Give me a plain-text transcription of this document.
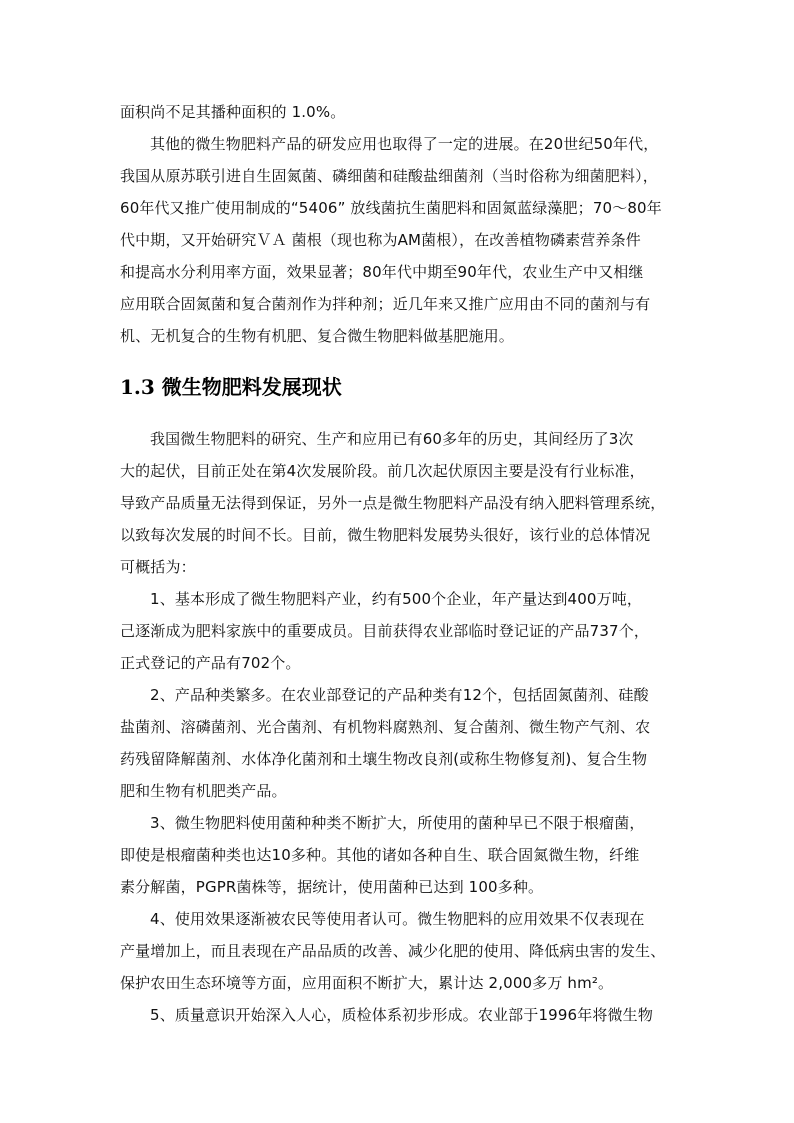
面积尚不足其播种面积的 1.0%。
其他的微生物肥料产品的研发应用也取得了一定的进展。在20世纪50年代，
我国从原苏联引进自生固氮菌、磷细菌和硅酸盐细菌剂（当时俗称为细菌肥料），
60年代又推广使用制成的“5406” 放线菌抗生菌肥料和固氮蓝绿藻肥；70～80年
代中期，又开始研究ＶＡ 菌根（现也称为AM菌根），在改善植物磷素营养条件
和提高水分利用率方面，效果显著；80年代中期至90年代，农业生产中又相继
应用联合固氮菌和复合菌剂作为拌种剂；近几年来又推广应用由不同的菌剂与有
机、无机复合的生物有机肥、复合微生物肥料做基肥施用。
1.3 微生物肥料发展现状
我国微生物肥料的研究、生产和应用已有60多年的历史，其间经历了3次
大的起伏，目前正处在第4次发展阶段。前几次起伏原因主要是没有行业标准，
导致产品质量无法得到保证，另外一点是微生物肥料产品没有纳入肥料管理系统，
以致每次发展的时间不长。目前，微生物肥料发展势头很好，该行业的总体情况
可概括为：
1、基本形成了微生物肥料产业，约有500个企业，年产量达到400万吨，
己逐渐成为肥料家族中的重要成员。目前获得农业部临时登记证的产品737个，
正式登记的产品有702个。
2、产品种类繁多。在农业部登记的产品种类有12个，包括固氮菌剂、硅酸
盐菌剂、溶磷菌剂、光合菌剂、有机物料腐熟剂、复合菌剂、微生物产气剂、农
药残留降解菌剂、水体净化菌剂和土壤生物改良剂(或称生物修复剂)、复合生物
肥和生物有机肥类产品。
3、微生物肥料使用菌种种类不断扩大，所使用的菌种早已不限于根瘤菌，
即使是根瘤菌种类也达10多种。其他的诸如各种自生、联合固氮微生物，纤维
素分解菌，PGPR菌株等，据统计，使用菌种已达到 100多种。
4、使用效果逐渐被农民等使用者认可。微生物肥料的应用效果不仅表现在
产量增加上，而且表现在产品品质的改善、减少化肥的使用、降低病虫害的发生、
保护农田生态环境等方面，应用面积不断扩大，累计达 2,000多万 hm²。
5、质量意识开始深入人心，质检体系初步形成。农业部于1996年将微生物
